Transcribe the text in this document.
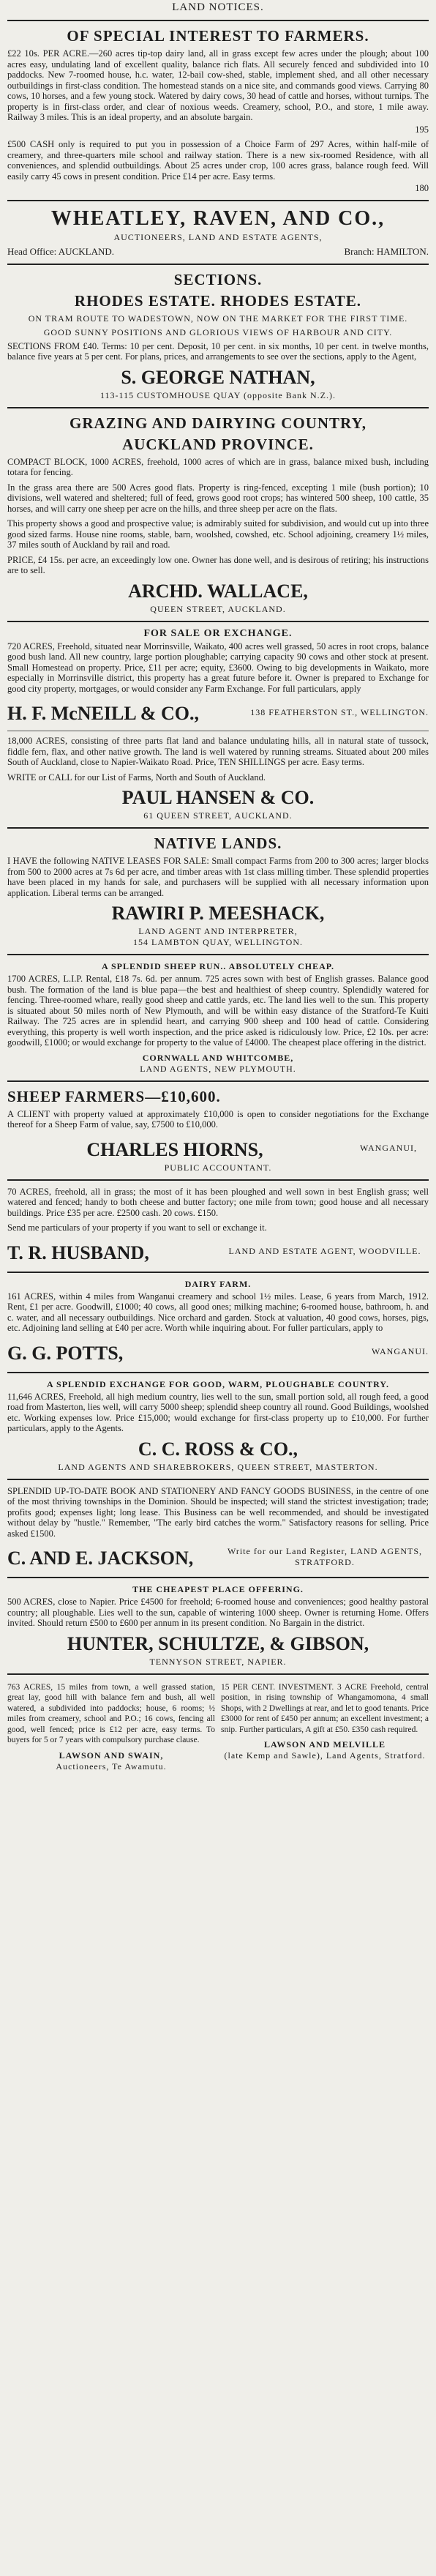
LAND NOTICES.
OF SPECIAL INTEREST TO FARMERS.
£22 10s. PER ACRE.—260 acres tip-top dairy land, all in grass except few acres under the plough; about 100 acres easy, undulating land of excellent quality, balance rich flats. All securely fenced and subdivided into 10 paddocks. New 7-roomed house, h.c. water, 12-bail cow-shed, stable, implement shed, and all other necessary outbuildings in first-class condition. The homestead stands on a nice site, and commands good views. Carrying 80 cows, 10 horses, and a few young stock. Watered by dairy cows, 30 head of cattle and horses, without turnips. The property is in first-class order, and clear of noxious weeds. Creamery, school, P.O., and store, 1 mile away. Railway 3 miles. This is an ideal property, and an absolute bargain.
195
£500 CASH only is required to put you in possession of a Choice Farm of 297 Acres, within half-mile of creamery, and three-quarters mile school and railway station. There is a new six-roomed Residence, with all conveniences, and splendid outbuildings. About 25 acres under crop, 100 acres grass, balance rough feed. Will easily carry 45 cows in present condition. Price £14 per acre. Easy terms.
180
WHEATLEY, RAVEN, AND CO.,
AUCTIONEERS, LAND AND ESTATE AGENTS,
Head Office: AUCKLAND.	Branch: HAMILTON.
SECTIONS.
RHODES ESTATE. RHODES ESTATE.
ON TRAM ROUTE TO WADESTOWN, NOW ON THE MARKET FOR THE FIRST TIME.
GOOD SUNNY POSITIONS AND GLORIOUS VIEWS OF HARBOUR AND CITY.
SECTIONS FROM £40. Terms: 10 per cent. Deposit, 10 per cent. in six months, 10 per cent. in twelve months, balance five years at 5 per cent. For plans, prices, and arrangements to see over the sections, apply to the Agent,
S. GEORGE NATHAN,
113-115 CUSTOMHOUSE QUAY (opposite Bank N.Z.).
GRAZING AND DAIRYING COUNTRY,
AUCKLAND PROVINCE.
COMPACT BLOCK, 1000 ACRES, freehold, 1000 acres of which are in grass, balance mixed bush, including totara for fencing.
In the grass area there are 500 Acres good flats. Property is ring-fenced, excepting 1 mile (bush portion); 10 divisions, well watered and sheltered; full of feed, grows good root crops; has wintered 500 sheep, 100 cattle, 35 horses, and will carry one sheep per acre on the hills, and three sheep per acre on the flats.
This property shows a good and prospective value; is admirably suited for subdivision, and would cut up into three good sized farms. House nine rooms, stable, barn, woolshed, cowshed, etc. School adjoining, creamery 1½ miles, 37 miles south of Auckland by rail and road.
PRICE, £4 15s. per acre, an exceedingly low one. Owner has done well, and is desirous of retiring; his instructions are to sell.
ARCHD. WALLACE,
QUEEN STREET, AUCKLAND.
FOR SALE OR EXCHANGE.
720 ACRES, Freehold, situated near Morrinsville, Waikato, 400 acres well grassed, 50 acres in root crops, balance good bush land. All new country, large portion ploughable; carrying capacity 90 cows and other stock at present. Small Homestead on property. Price, £11 per acre; equity, £3600. Owing to big developments in Waikato, more especially in Morrinsville district, this property has a great future before it. Owner is prepared to Exchange for good city property, mortgages, or would consider any Farm Exchange. For full particulars, apply
H. F. McNEILL & CO.,	138 FEATHERSTON ST., WELLINGTON.
18,000 ACRES, consisting of three parts flat land and balance undulating hills, all in natural state of tussock, fiddle fern, flax, and other native growth. The land is well watered by running streams. Situated about 200 miles South of Auckland, close to Napier-Waikato Road. Price, TEN SHILLINGS per acre. Easy terms.
WRITE or CALL for our List of Farms, North and South of Auckland.
PAUL HANSEN & CO.
61 QUEEN STREET, AUCKLAND.
NATIVE LANDS.
I HAVE the following NATIVE LEASES FOR SALE: Small compact Farms from 200 to 300 acres; larger blocks from 500 to 2000 acres at 7s 6d per acre, and timber areas with 1st class milling timber. These splendid properties have been placed in my hands for sale, and purchasers will be supplied with all necessary information upon application. Liberal terms can be arranged.
RAWIRI P. MEESHACK,
LAND AGENT AND INTERPRETER,
154 LAMBTON QUAY, WELLINGTON.
A SPLENDID SHEEP RUN.. ABSOLUTELY CHEAP.
1700 ACRES, L.I.P. Rental, £18 7s. 6d. per annum. 725 acres sown with best of English grasses. Balance good bush. The formation of the land is blue papa—the best and healthiest of sheep country. Splendidly watered for fencing. Three-roomed whare, really good sheep and cattle yards, etc. The land lies well to the sun. This property is situated about 50 miles north of New Plymouth, and will be within easy distance of the Stratford-Te Kuiti Railway. The 725 acres are in splendid heart, and carrying 900 sheep and 100 head of cattle. Considering everything, this property is well worth inspection, and the price asked is ridiculously low. Price, £2 10s. per acre: goodwill, £1000; or would exchange for property to the value of £4000. The cheapest place offering in the district.
CORNWALL AND WHITCOMBE,
LAND AGENTS, NEW PLYMOUTH.
SHEEP FARMERS—£10,600.
A CLIENT with property valued at approximately £10,000 is open to consider negotiations for the Exchange thereof for a Sheep Farm of value, say, £7500 to £10,000.
CHARLES HIORNS,	WANGANUI,
PUBLIC ACCOUNTANT.
70 ACRES, freehold, all in grass; the most of it has been ploughed and well sown in best English grass; well watered and fenced; handy to both cheese and butter factory; one mile from town; good house and all necessary buildings. Price £35 per acre. £2500 cash. 20 cows. £150.
Send me particulars of your property if you want to sell or exchange it.
T. R. HUSBAND,	LAND AND ESTATE AGENT, WOODVILLE.
DAIRY FARM.
161 ACRES, within 4 miles from Wanganui creamery and school 1½ miles. Lease, 6 years from March, 1912. Rent, £1 per acre. Goodwill, £1000; 40 cows, all good ones; milking machine; 6-roomed house, bathroom, h. and c. water, and all necessary outbuildings. Nice orchard and garden. Stock at valuation, 40 good cows, horses, pigs, etc. Adjoining land selling at £40 per acre. Worth while inquiring about. For fuller particulars, apply to
G. G. POTTS,	WANGANUI.
A SPLENDID EXCHANGE FOR GOOD, WARM, PLOUGHABLE COUNTRY.
11,646 ACRES, Freehold, all high medium country, lies well to the sun, small portion sold, all rough feed, a good road from Masterton, lies well, will carry 5000 sheep; splendid sheep country all round. Good Buildings, woolshed etc. Working expenses low. Price £15,000; would exchange for first-class property up to £10,000. For further particulars, apply to the Agents.
C. C. ROSS & CO.,
LAND AGENTS AND SHAREBROKERS, QUEEN STREET, MASTERTON.
SPLENDID UP-TO-DATE BOOK AND STATIONERY AND FANCY GOODS BUSINESS, in the centre of one of the most thriving townships in the Dominion. Should be inspected; will stand the strictest investigation; trade; profits good; expenses light; long lease. This Business can be well recommended, and should be investigated without delay by "hustle." Remember, "The early bird catches the worm." Satisfactory reasons for selling. Price asked £1500.
C. AND E. JACKSON,	Write for our Land Register, LAND AGENTS, STRATFORD.
THE CHEAPEST PLACE OFFERING.
500 ACRES, close to Napier. Price £4500 for freehold; 6-roomed house and conveniences; good healthy pastoral country; all ploughable. Lies well to the sun, capable of wintering 1000 sheep. Owner is returning Home. Offers invited. Should return £500 to £600 per annum in its present condition. No Bargain in the district.
HUNTER, SCHULTZE, & GIBSON,
TENNYSON STREET, NAPIER.
763 ACRES, 15 miles from town, a well grassed station, great lay, good hill with balance fern and bush, all well watered, a subdivided into paddocks; house, 6 rooms; ½ miles from creamery, school and P.O.; 16 cows, fencing all good, well fenced; price is £12 per acre, easy terms. To buyers for 5 or 7 years with compulsory purchase clause.
LAWSON AND SWAIN,
Auctioneers, Te Awamutu.
15 PER CENT. INVESTMENT. 3 ACRE Freehold, central position, in rising township of Whangamomona, 4 small Shops, with 2 Dwellings at rear, and let to good tenants. Price £3000 for rent of £450 per annum; an excellent investment; a snip. Further particulars, A gift at £50. £350 cash required.
LAWSON AND MELVILLE
(late Kemp and Sawle), Land Agents, Stratford.
